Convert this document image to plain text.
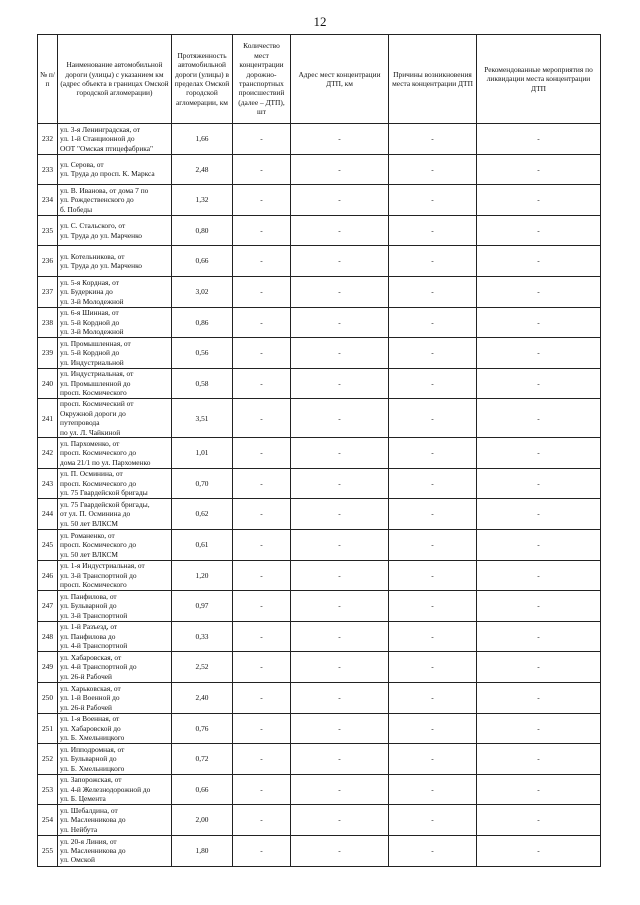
12
№ п/п	Наименование автомобильной дороги (улицы) с указанием км (адрес объекта в границах Омской городской агломерации)	Протяженность автомобильной дороги (улицы) в пределах Омской городской агломерации, км	Количество мест концентрации дорожно-транспортных происшествий (далее – ДТП), шт	Адрес мест концентрации ДТП, км	Причины возникновения места концентрации ДТП	Рекомендованные мероприятия по ликвидации места концентрации ДТП
232	ул. 3-я Ленинградская, от
ул. 1-й Станционной до
ООТ "Омская птицефабрика"	1,66	-	-	-	-
233	ул. Серова, от
ул. Труда до просп. К. Маркса	2,48	-	-	-	-
234	ул. В. Иванова, от дома 7 по
ул. Рождественского до
б. Победы	1,32	-	-	-	-
235	ул. С. Стальского, от
ул. Труда до ул. Марченко	0,80	-	-	-	-
236	ул. Котельникова, от
ул. Труда до ул. Марченко	0,66	-	-	-	-
237	ул. 5-я Кордная, от
ул. Будеркина до
ул. 3-й Молодежной	3,02	-	-	-	-
238	ул. 6-я Шинная, от
ул. 5-й Кордной до
ул. 3-й Молодежной	0,86	-	-	-	-
239	ул. Промышленная, от
ул. 5-й Кордной до
ул. Индустриальной	0,56	-	-	-	-
240	ул. Индустриальная, от
ул. Промышленной до
просп. Космического	0,58	-	-	-	-
241	просп. Космический от
Окружной дороги до
путепровода
по ул. Л. Чайкиной	3,51	-	-	-	-
242	ул. Пархоменко, от
просп. Космического до
дома 21/1 по ул. Пархоменко	1,01	-	-	-	-
243	ул. П. Осминина, от
просп. Космического до
ул. 75 Гвардейской бригады	0,70	-	-	-	-
244	ул. 75 Гвардейской бригады,
от ул. П. Осминина до
ул. 50 лет ВЛКСМ	0,62	-	-	-	-
245	ул. Романенко, от
просп. Космического до
ул. 50 лет ВЛКСМ	0,61	-	-	-	-
246	ул. 1-я Индустриальная, от
ул. 3-й Транспортной до
просп. Космического	1,20	-	-	-	-
247	ул. Панфилова, от
ул. Бульварной до
ул. 3-й Транспортной	0,97	-	-	-	-
248	ул. 1-й Разъезд, от
ул. Панфилова до
ул. 4-й Транспортной	0,33	-	-	-	-
249	ул. Хабаровская, от
ул. 4-й Транспортной до
ул. 26-й Рабочей	2,52	-	-	-	-
250	ул. Харьковская, от
ул. 1-й Военной до
ул. 26-й Рабочей	2,40	-	-	-	-
251	ул. 1-я Военная, от
ул. Хабаровской до
ул. Б. Хмельницкого	0,76	-	-	-	-
252	ул. Ипподромная, от
ул. Бульварной до
ул. Б. Хмельницкого	0,72	-	-	-	-
253	ул. Запорожская, от
ул. 4-й Железнодорожной до
ул. Б. Цемента	0,66	-	-	-	-
254	ул. Шебалдина, от
ул. Масленникова до
ул. Нейбута	2,00	-	-	-	-
255	ул. 20-я Линия, от
ул. Масленникова до
ул. Омской	1,80	-	-	-	-
